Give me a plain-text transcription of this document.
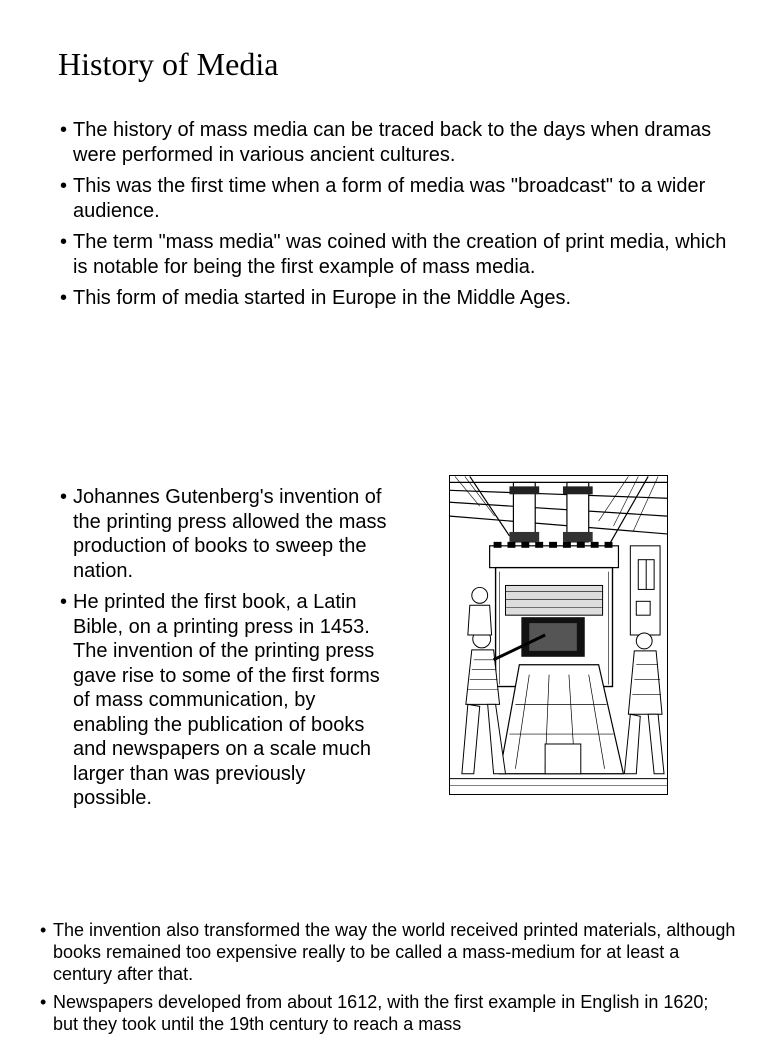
History of Media
• The history of mass media can be traced back to the days when dramas were performed in various ancient cultures.
• This was the first time when a form of media was "broadcast" to a wider audience.
• The term "mass media" was coined with the creation of print media, which is notable for being the first example of mass media.
• This form of media started in Europe in the Middle Ages.
• Johannes Gutenberg's invention of the printing press allowed the mass production of books to sweep the nation.
• He printed the first book, a Latin Bible, on a printing press in 1453. The invention of the printing press gave rise to some of the first forms of mass communication, by enabling the publication of books and newspapers on a scale much larger than was previously possible.
• The invention also transformed the way the world received printed materials, although books remained too expensive really to be called a mass-medium for at least a century after that.
• Newspapers developed from about 1612, with the first example in English in 1620; but they took until the 19th century to reach a mass
